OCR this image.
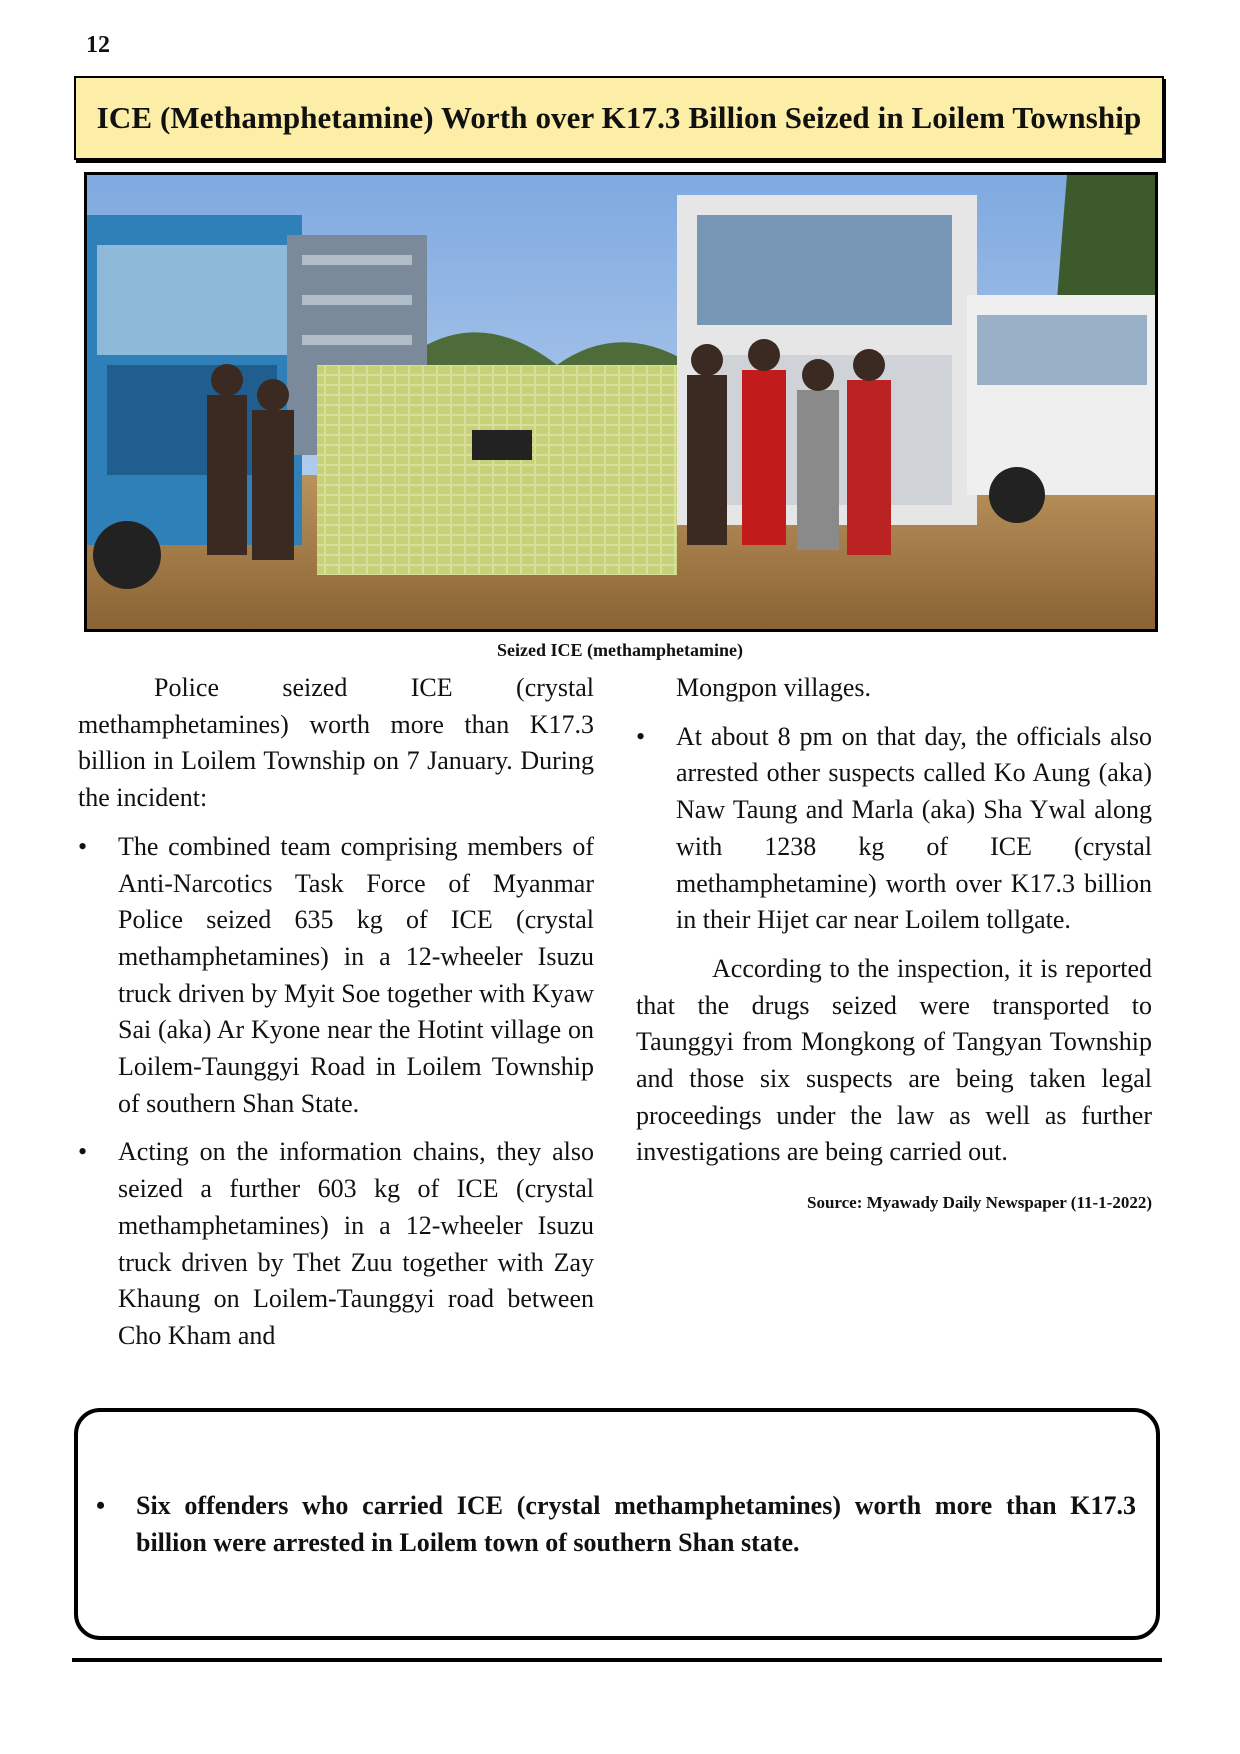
12
ICE (Methamphetamine) Worth over K17.3 Billion Seized in Loilem Township
Seized ICE (methamphetamine)

Police seized ICE (crystal methamphetamines) worth more than K17.3 billion in Loilem Township on 7 January. During the incident:

• The combined team comprising members of Anti-Narcotics Task Force of Myanmar Police seized 635 kg of ICE (crystal methamphetamines) in a 12-wheeler Isuzu truck driven by Myit Soe together with Kyaw Sai (aka) Ar Kyone near the Hotint village on Loilem-Taunggyi Road in Loilem Township of southern Shan State.
• Acting on the information chains, they also seized a further 603 kg of ICE (crystal methamphetamines) in a 12-wheeler Isuzu truck driven by Thet Zuu together with Zay Khaung on Loilem-Taunggyi road between Cho Kham and

Mongpon villages.

• At about 8 pm on that day, the officials also arrested other suspects called Ko Aung (aka) Naw Taung and Marla (aka) Sha Ywal along with 1238 kg of ICE (crystal methamphetamine) worth over K17.3 billion in their Hijet car near Loilem tollgate.

According to the inspection, it is reported that the drugs seized were transported to Taunggyi from Mongkong of Tangyan Township and those six suspects are being taken legal proceedings under the law as well as further investigations are being carried out.

Source: Myawady Daily Newspaper (11-1-2022)
• Six offenders who carried ICE (crystal methamphetamines) worth more than K17.3 billion were arrested in Loilem town of southern Shan state.
